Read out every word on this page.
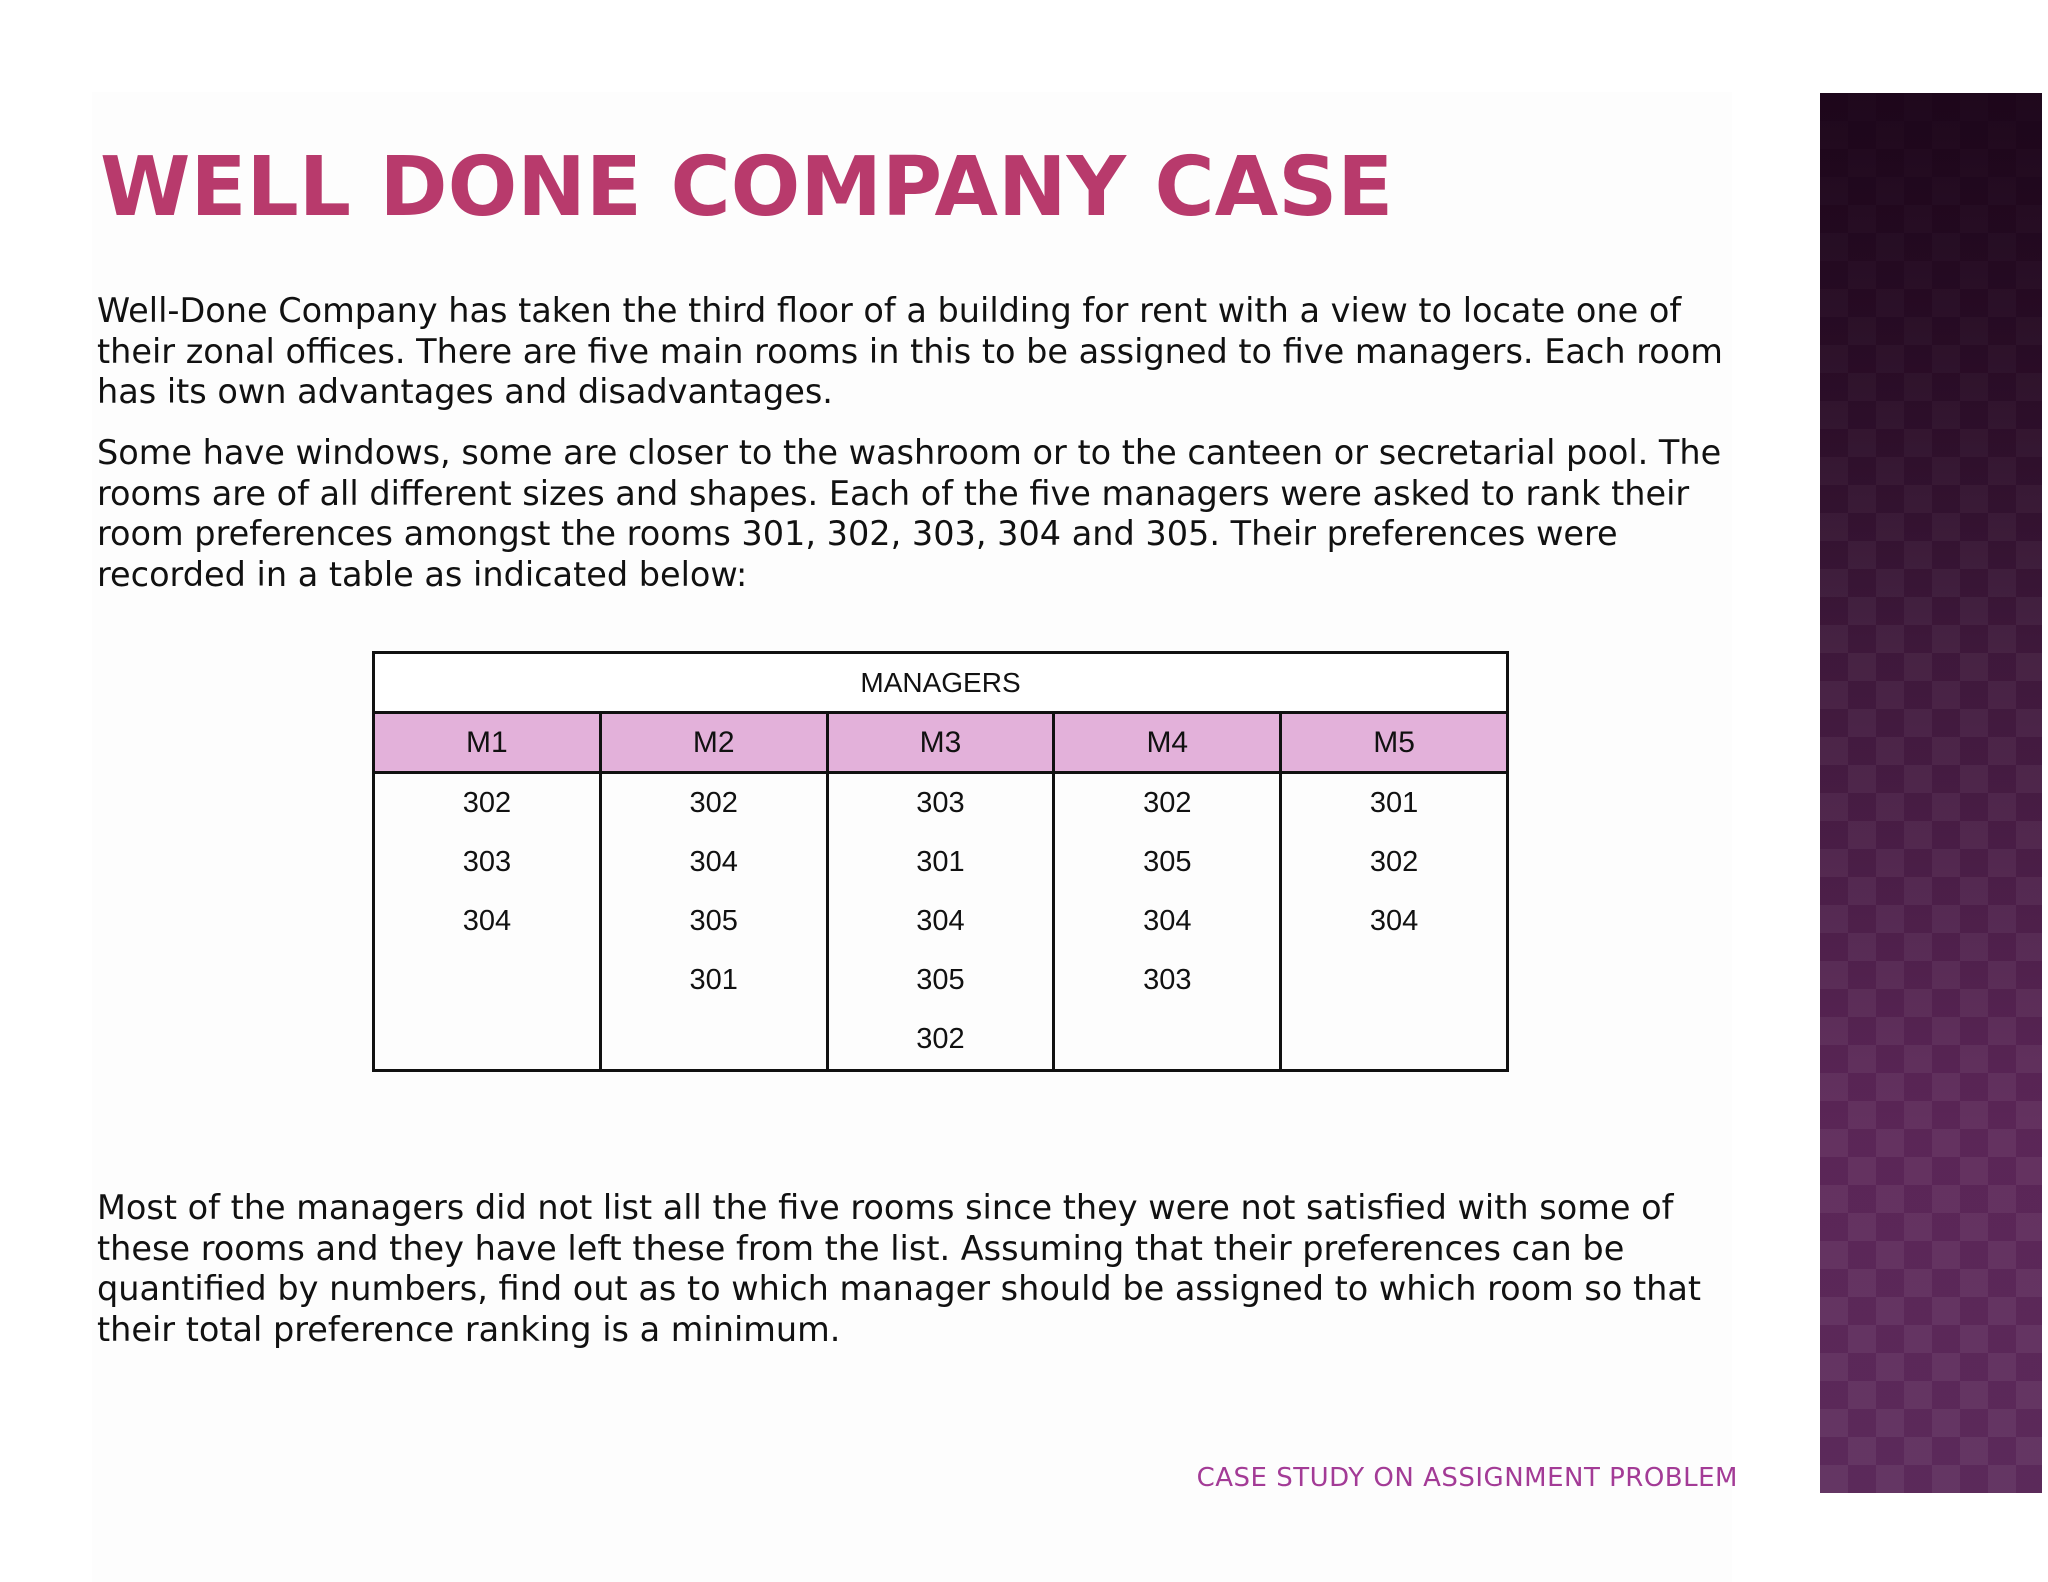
WELL DONE COMPANY CASE

Well-Done Company has taken the third floor of a building for rent with a view to locate one of their zonal offices. There are five main rooms in this to be assigned to five managers. Each room has its own advantages and disadvantages.

Some have windows, some are closer to the washroom or to the canteen or secretarial pool. The rooms are of all different sizes and shapes. Each of the five managers were asked to rank their room preferences amongst the rooms 301, 302, 303, 304 and 305. Their preferences were recorded in a table as indicated below:

MANAGERS				
M1	M2	M3	M4	M5
302	302	303	302	301
303	304	301	305	302
304	305	304	304	304
	301	305	303	
		302		

Most of the managers did not list all the five rooms since they were not satisfied with some of these rooms and they have left these from the list. Assuming that their preferences can be quantified by numbers, find out as to which manager should be assigned to which room so that their total preference ranking is a minimum.

CASE STUDY ON ASSIGNMENT PROBLEM
